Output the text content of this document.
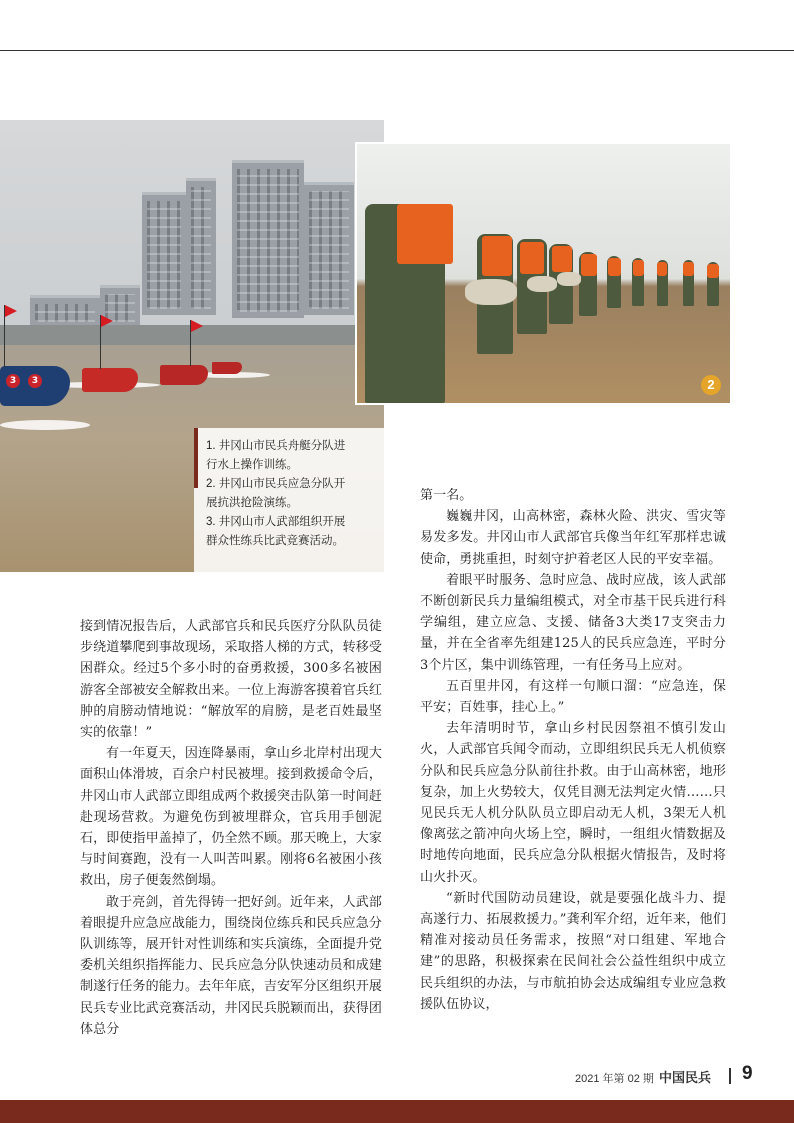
3	3
1. 井冈山市民兵舟艇分队进
行水上操作训练。
2. 井冈山市民兵应急分队开
展抗洪抢险演练。
3. 井冈山市人武部组织开展
群众性练兵比武竞赛活动。
2

接到情况报告后，人武部官兵和民兵医疗分队队员徒步绕道攀爬到事故现场，采取搭人梯的方式，转移受困群众。经过5个多小时的奋勇救援，300多名被困游客全部被安全解救出来。一位上海游客摸着官兵红肿的肩膀动情地说：“解放军的肩膀，是老百姓最坚实的依靠！”

有一年夏天，因连降暴雨，拿山乡北岸村出现大面积山体滑坡，百余户村民被埋。接到救援命令后，井冈山市人武部立即组成两个救援突击队第一时间赶赴现场营救。为避免伤到被埋群众，官兵用手刨泥石，即使指甲盖掉了，仍全然不顾。那天晚上，大家与时间赛跑，没有一人叫苦叫累。刚将6名被困小孩救出，房子便轰然倒塌。

敢于亮剑，首先得铸一把好剑。近年来，人武部着眼提升应急应战能力，围绕岗位练兵和民兵应急分队训练等，展开针对性训练和实兵演练，全面提升党委机关组织指挥能力、民兵应急分队快速动员和成建制遂行任务的能力。去年年底，吉安军分区组织开展民兵专业比武竞赛活动，井冈民兵脱颖而出，获得团体总分

第一名。

巍巍井冈，山高林密，森林火险、洪灾、雪灾等易发多发。井冈山市人武部官兵像当年红军那样忠诚使命，勇挑重担，时刻守护着老区人民的平安幸福。

着眼平时服务、急时应急、战时应战，该人武部不断创新民兵力量编组模式，对全市基干民兵进行科学编组，建立应急、支援、储备3大类17支突击力量，并在全省率先组建125人的民兵应急连，平时分3个片区，集中训练管理，一有任务马上应对。

五百里井冈，有这样一句顺口溜：“应急连，保平安；百姓事，挂心上。”

去年清明时节，拿山乡村民因祭祖不慎引发山火，人武部官兵闻令而动，立即组织民兵无人机侦察分队和民兵应急分队前往扑救。由于山高林密，地形复杂，加上火势较大，仅凭目测无法判定火情……只见民兵无人机分队队员立即启动无人机，3架无人机像离弦之箭冲向火场上空，瞬时，一组组火情数据及时地传向地面，民兵应急分队根据火情报告，及时将山火扑灭。

“新时代国防动员建设，就是要强化战斗力、提高遂行力、拓展救援力。”龚利军介绍，近年来，他们精准对接动员任务需求，按照“对口组建、军地合建”的思路，积极探索在民间社会公益性组织中成立民兵组织的办法，与市航拍协会达成编组专业应急救援队伍协议，

2021 年第 02 期 中国民兵 9
